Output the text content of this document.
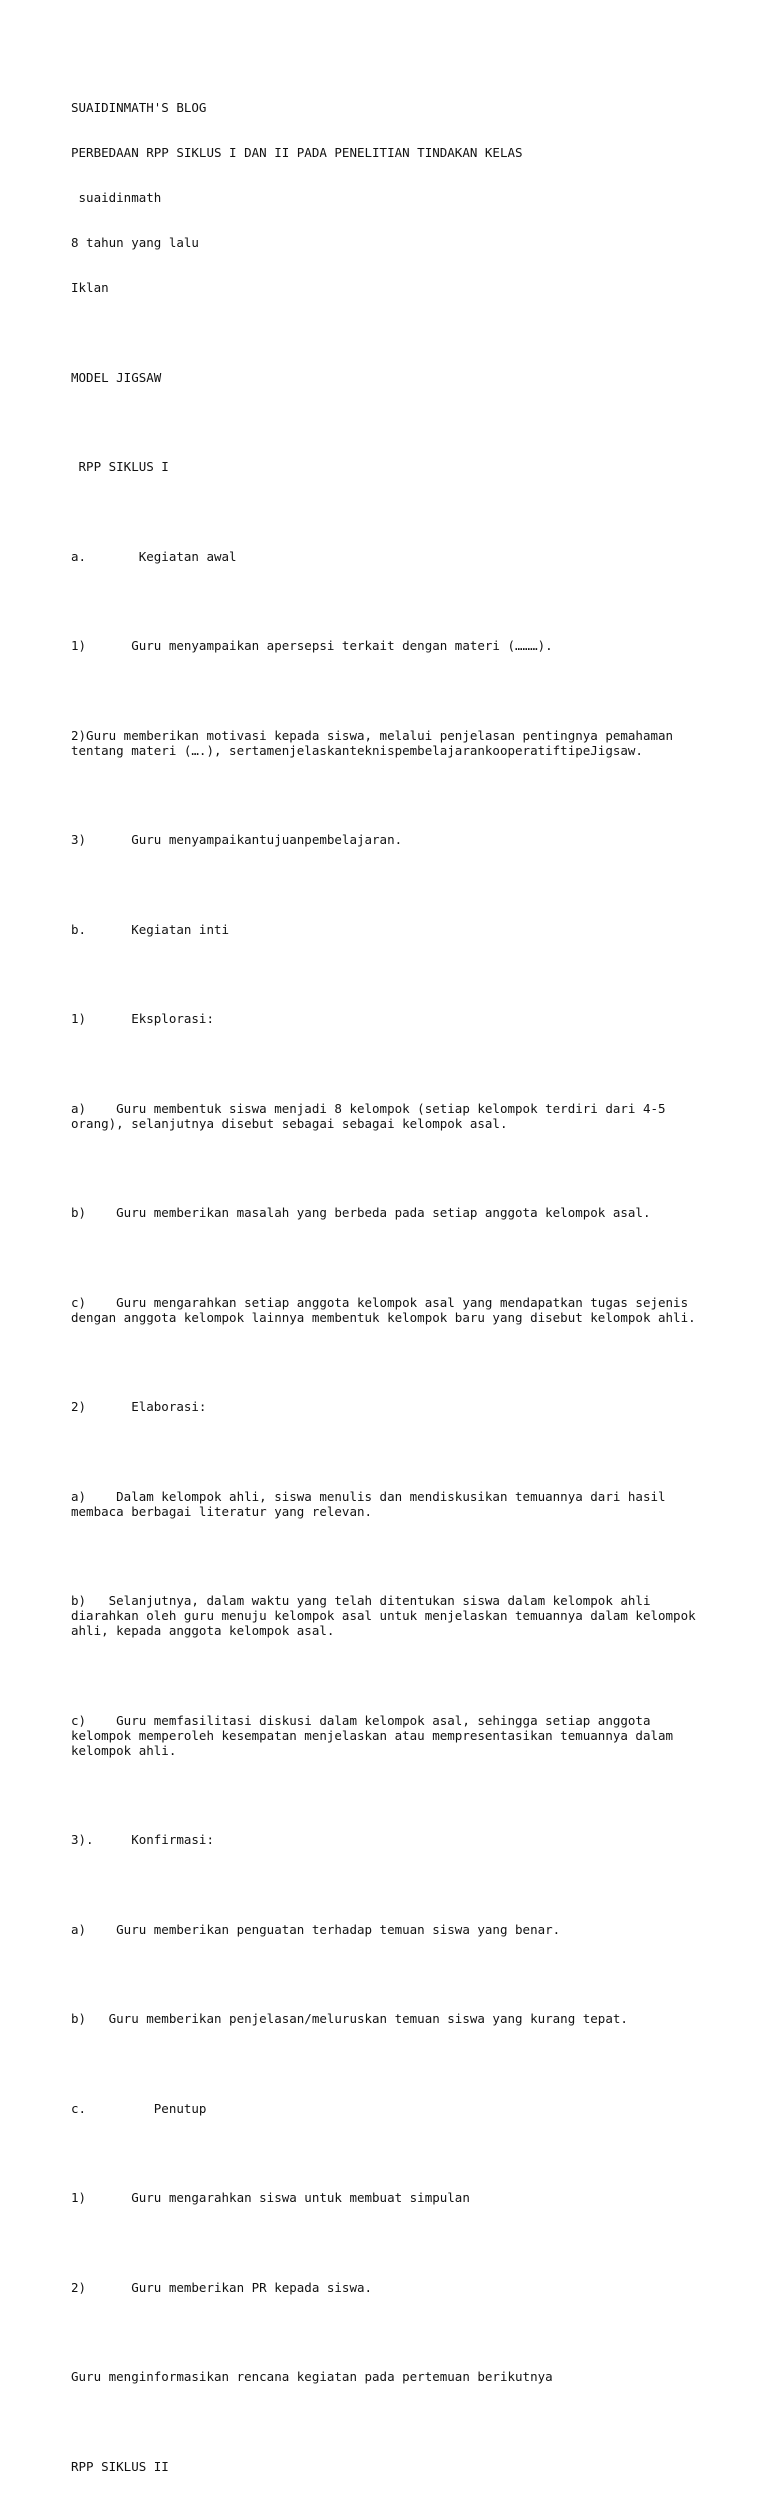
SUAIDINMATH'S BLOG

PERBEDAAN RPP SIKLUS I DAN II PADA PENELITIAN TINDAKAN KELAS

suaidinmath

8 tahun yang lalu

Iklan

MODEL JIGSAW

RPP SIKLUS I

a.       Kegiatan awal

1)      Guru menyampaikan apersepsi terkait dengan materi (………).

2)Guru memberikan motivasi kepada siswa, melalui penjelasan pentingnya pemahaman
tentang materi (….), sertamenjelaskanteknispembelajarankooperatiftipeJigsaw.

3)      Guru menyampaikantujuanpembelajaran.

b.      Kegiatan inti

1)      Eksplorasi:

a)    Guru membentuk siswa menjadi 8 kelompok (setiap kelompok terdiri dari 4-5
orang), selanjutnya disebut sebagai sebagai kelompok asal.

b)    Guru memberikan masalah yang berbeda pada setiap anggota kelompok asal.

c)    Guru mengarahkan setiap anggota kelompok asal yang mendapatkan tugas sejenis
dengan anggota kelompok lainnya membentuk kelompok baru yang disebut kelompok ahli.

2)      Elaborasi:

a)    Dalam kelompok ahli, siswa menulis dan mendiskusikan temuannya dari hasil
membaca berbagai literatur yang relevan.

b)   Selanjutnya, dalam waktu yang telah ditentukan siswa dalam kelompok ahli
diarahkan oleh guru menuju kelompok asal untuk menjelaskan temuannya dalam kelompok
ahli, kepada anggota kelompok asal.

c)    Guru memfasilitasi diskusi dalam kelompok asal, sehingga setiap anggota
kelompok memperoleh kesempatan menjelaskan atau mempresentasikan temuannya dalam
kelompok ahli.

3).     Konfirmasi:

a)    Guru memberikan penguatan terhadap temuan siswa yang benar.

b)   Guru memberikan penjelasan/meluruskan temuan siswa yang kurang tepat.

c.         Penutup

1)      Guru mengarahkan siswa untuk membuat simpulan

2)      Guru memberikan PR kepada siswa.

Guru menginformasikan rencana kegiatan pada pertemuan berikutnya

RPP SIKLUS II
